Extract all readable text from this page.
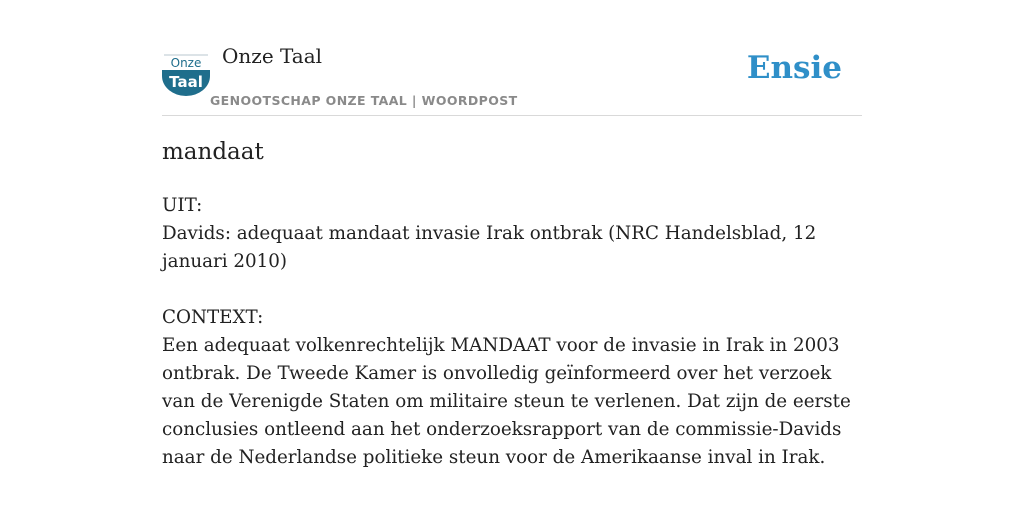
Onze
Taal
Onze Taal
GENOOTSCHAP ONZE TAAL | WOORDPOST
Ensie
mandaat

UIT:

Davids: adequaat mandaat invasie Irak ontbrak (NRC Handelsblad, 12 januari 2010)

CONTEXT:

Een adequaat volkenrechtelijk MANDAAT voor de invasie in Irak in 2003 ontbrak. De Tweede Kamer is onvolledig geïnformeerd over het verzoek van de Verenigde Staten om militaire steun te verlenen. Dat zijn de eerste conclusies ontleend aan het onderzoeksrapport van de commissie-Davids naar de Nederlandse politieke steun voor de Amerikaanse inval in Irak.
